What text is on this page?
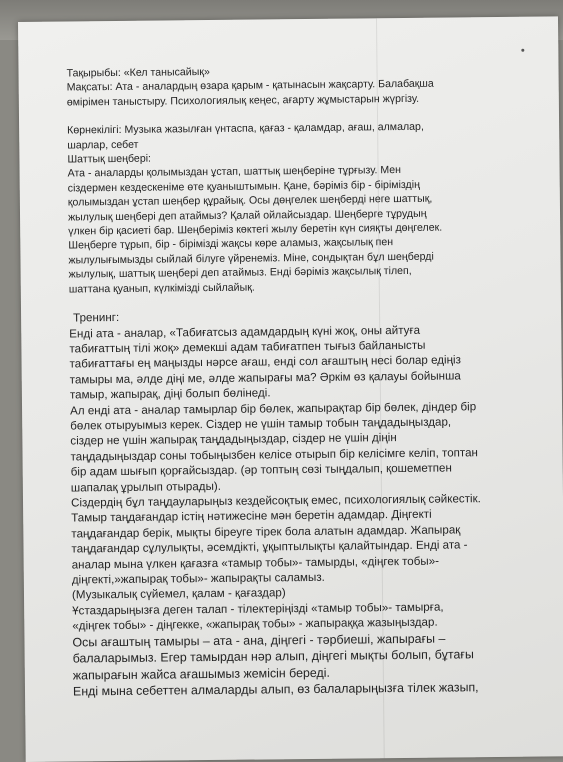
Тақырыбы: «Кел танысайық»
Мақсаты: Ата - аналардың өзара қарым - қатынасын жақсарту. Балабақша
өмірімен таныстыру. Психологиялық кеңес, ағарту жұмыстарын жүргізу.
Көрнекілігі: Музыка жазылған үнтаспа, қағаз - қаламдар, ағаш, алмалар,
шарлар, себет
Шаттық шеңбері:
Ата - аналарды қолымыздан ұстап, шаттық шеңберіне тұрғызу. Мен
сіздермен кездескеніме өте қуаныштымын. Қане, бәріміз бір - біріміздің
қолымыздан ұстап шеңбер құрайық. Осы дөңгелек шеңберді неге шаттық,
жылулық шеңбері деп атаймыз? Қалай ойлайсыздар. Шеңберге тұрудың
үлкен бір қасиеті бар. Шеңберіміз көктегі жылу беретін күн сияқты дөңгелек.
Шеңберге тұрып, бір - бірімізді жақсы көре аламыз, жақсылық пен
жылулығымызды сыйлай білуге үйренеміз. Міне, сондықтан бұл шеңберді
жылулық, шаттық шеңбері деп атаймыз. Енді бәріміз жақсылық тілеп,
шаттана қуанып, күлкімізді сыйлайық.
Тренинг:
Енді ата - аналар, «Табиғатсыз адамдардың күні жоқ, оны айтуға
табиғаттың тілі жоқ» демекші адам табиғатпен тығыз байланысты
табиғаттағы ең маңызды нәрсе ағаш, енді сол ағаштың несі болар едіңіз
тамыры ма, әлде діңі ме, әлде жапырағы ма? Әркім өз қалауы бойынша
тамыр, жапырақ, діңі болып бөлінеді.
Ал енді ата - аналар тамырлар бір бөлек, жапырақтар бір бөлек, діндер бір
бөлек отыруымыз керек. Сіздер не үшін тамыр тобын таңдадыңыздар,
сіздер не үшін жапырақ таңдадыңыздар, сіздер не үшін діңін
таңдадыңыздар соны тобыңызбен келісе отырып бір келісімге келіп, топтан
бір адам шығып қорғайсыздар. (әр топтың сөзі тыңдалып, қошеметпен
шапалақ ұрылып отырады).
Сіздердің бұл таңдауларыңыз кездейсоқтық емес, психологиялық сәйкестік.
Тамыр таңдағандар істің нәтижесіне мән беретін адамдар. Діңгекті
таңдағандар берік, мықты біреуге тірек бола алатын адамдар. Жапырақ
таңдағандар сұлулықты, әсемдікті, ұқыптылықты қалайтындар. Енді ата -
аналар мына үлкен қағазға «тамыр тобы»- тамырды, «діңгек тобы»-
діңгекті,»жапырақ тобы»- жапырақты саламыз.
(Музыкалық сүйемел, қалам - қағаздар)
Ұстаздарыңызға деген талап - тілектеріңізді «тамыр тобы»- тамырға,
«діңгек тобы» - діңгекке, «жапырақ тобы» - жапыраққа жазыңыздар.
Осы ағаштың тамыры – ата - ана, діңгегі - тәрбиеші, жапырағы –
балаларымыз. Егер тамырдан нәр алып, діңгегі мықты болып, бұтағы
жапырағын жайса ағашымыз жемісін береді.
Енді мына себеттен алмаларды алып, өз балаларыңызға тілек жазып,
